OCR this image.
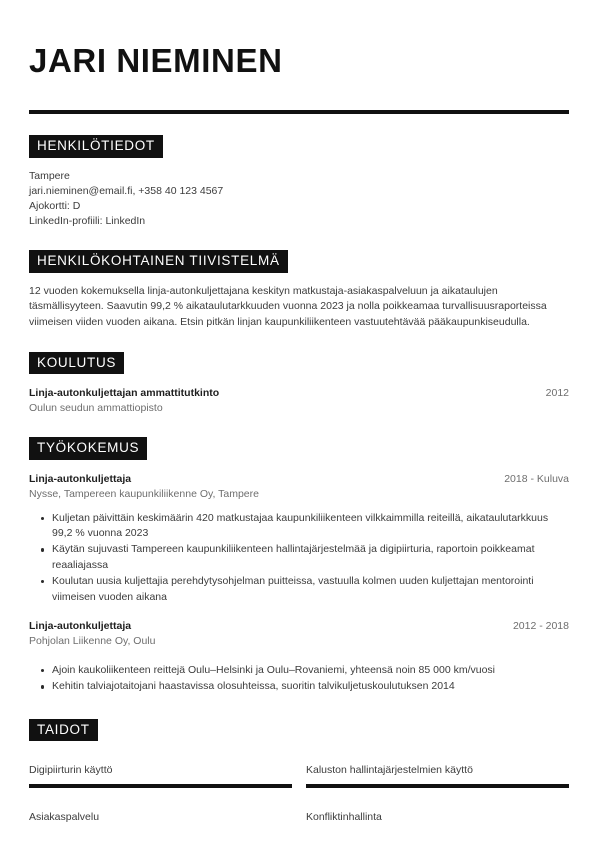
JARI NIEMINEN
HENKILÖTIEDOT
Tampere
jari.nieminen@email.fi, +358 40 123 4567
Ajokortti: D
LinkedIn-profiili: LinkedIn
HENKILÖKOHTAINEN TIIVISTELMÄ
12 vuoden kokemuksella linja-autonkuljettajana keskityn matkustaja-asiakaspalveluun ja aikataulujen täsmällisyyteen. Saavutin 99,2 % aikataulutarkkuuden vuonna 2023 ja nolla poikkeamaa turvallisuusraporteissa viimeisen viiden vuoden aikana. Etsin pitkän linjan kaupunkiliikenteen vastuutehtävää pääkaupunkiseudulla.
KOULUTUS
Linja-autonkuljettajan ammattitutkinto	2012
Oulun seudun ammattiopisto
TYÖKOKEMUS
Linja-autonkuljettaja	2018 - Kuluva
Nysse, Tampereen kaupunkiliikenne Oy, Tampere
Kuljetan päivittäin keskimäärin 420 matkustajaa kaupunkiliikenteen vilkkaimmilla reiteillä, aikataulutarkkuus 99,2 % vuonna 2023
Käytän sujuvasti Tampereen kaupunkiliikenteen hallintajärjestelmää ja digipiirturia, raportoin poikkeamat reaaliajassa
Koulutan uusia kuljettajia perehdytysohjelman puitteissa, vastuulla kolmen uuden kuljettajan mentorointi viimeisen vuoden aikana
Linja-autonkuljettaja	2012 - 2018
Pohjolan Liikenne Oy, Oulu
Ajoin kaukoliikenteen reittejä Oulu–Helsinki ja Oulu–Rovaniemi, yhteensä noin 85 000 km/vuosi
Kehitin talviajotaitojani haastavissa olosuhteissa, suoritin talvikuljetuskoulutuksen 2014
TAIDOT
Digipiirturin käyttö	Kaluston hallintajärjestelmien käyttö
Asiakaspalvelu	Konfliktinhallinta
